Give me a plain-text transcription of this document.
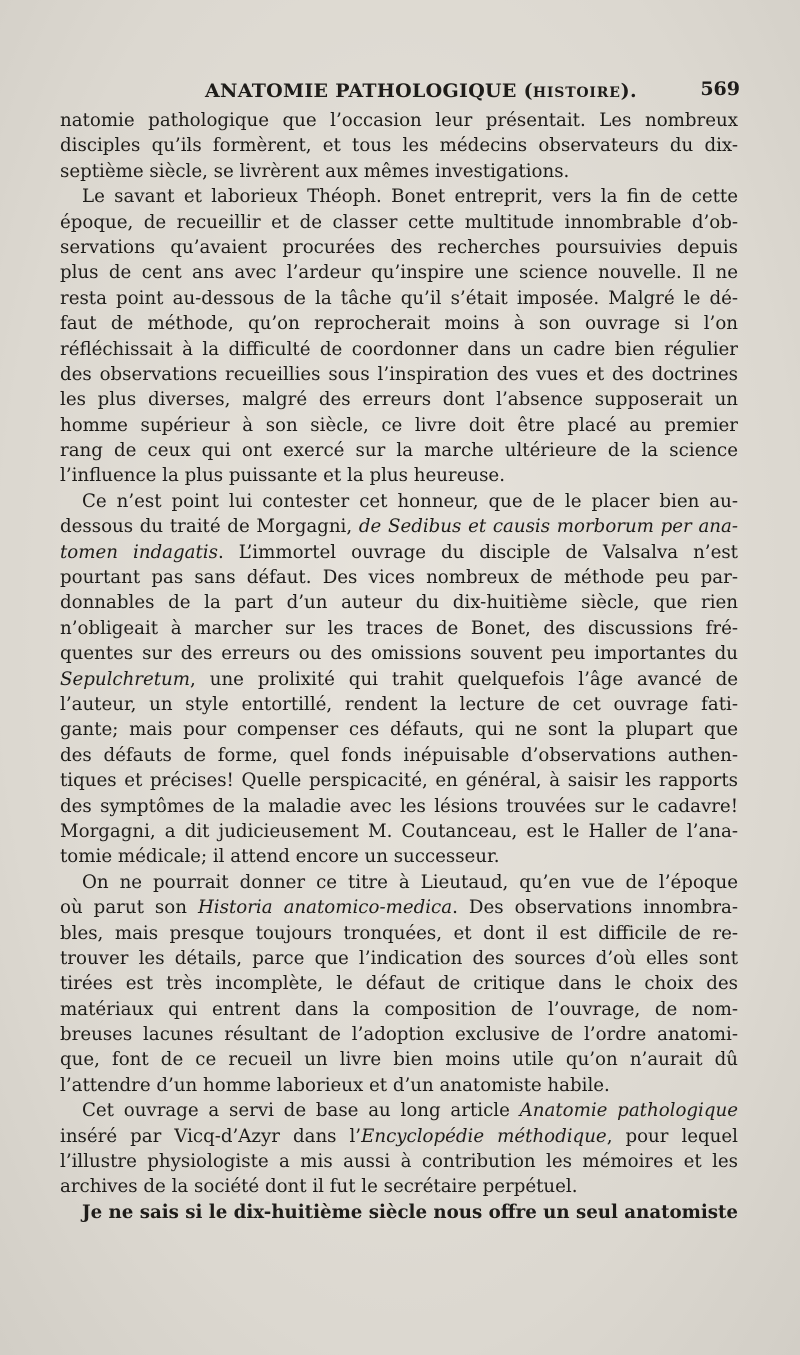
ANATOMIE PATHOLOGIQUE (HISTOIRE).	569
natomie pathologique que l’occasion leur présentait. Les nombreux
disciples qu’ils formèrent, et tous les médecins observateurs du dix-
septième siècle, se livrèrent aux mêmes investigations.
Le savant et laborieux Théoph. Bonet entreprit, vers la fin de cette
époque, de recueillir et de classer cette multitude innombrable d’ob-
servations qu’avaient procurées des recherches poursuivies depuis
plus de cent ans avec l’ardeur qu’inspire une science nouvelle. Il ne
resta point au-dessous de la tâche qu’il s’était imposée. Malgré le dé-
faut de méthode, qu’on reprocherait moins à son ouvrage si l’on
réfléchissait à la difficulté de coordonner dans un cadre bien régulier
des observations recueillies sous l’inspiration des vues et des doctrines
les plus diverses, malgré des erreurs dont l’absence supposerait un
homme supérieur à son siècle, ce livre doit être placé au premier
rang de ceux qui ont exercé sur la marche ultérieure de la science
l’influence la plus puissante et la plus heureuse.
Ce n’est point lui contester cet honneur, que de le placer bien au-
dessous du traité de Morgagni, de Sedibus et causis morborum per ana-
tomen indagatis. L’immortel ouvrage du disciple de Valsalva n’est
pourtant pas sans défaut. Des vices nombreux de méthode peu par-
donnables de la part d’un auteur du dix-huitième siècle, que rien
n’obligeait à marcher sur les traces de Bonet, des discussions fré-
quentes sur des erreurs ou des omissions souvent peu importantes du
Sepulchretum, une prolixité qui trahit quelquefois l’âge avancé de
l’auteur, un style entortillé, rendent la lecture de cet ouvrage fati-
gante; mais pour compenser ces défauts, qui ne sont la plupart que
des défauts de forme, quel fonds inépuisable d’observations authen-
tiques et précises! Quelle perspicacité, en général, à saisir les rapports
des symptômes de la maladie avec les lésions trouvées sur le cadavre!
Morgagni, a dit judicieusement M. Coutanceau, est le Haller de l’ana-
tomie médicale; il attend encore un successeur.
On ne pourrait donner ce titre à Lieutaud, qu’en vue de l’époque
où parut son Historia anatomico-medica. Des observations innombra-
bles, mais presque toujours tronquées, et dont il est difficile de re-
trouver les détails, parce que l’indication des sources d’où elles sont
tirées est très incomplète, le défaut de critique dans le choix des
matériaux qui entrent dans la composition de l’ouvrage, de nom-
breuses lacunes résultant de l’adoption exclusive de l’ordre anatomi-
que, font de ce recueil un livre bien moins utile qu’on n’aurait dû
l’attendre d’un homme laborieux et d’un anatomiste habile.
Cet ouvrage a servi de base au long article Anatomie pathologique
inséré par Vicq-d’Azyr dans l’Encyclopédie méthodique, pour lequel
l’illustre physiologiste a mis aussi à contribution les mémoires et les
archives de la société dont il fut le secrétaire perpétuel.
Je ne sais si le dix-huitième siècle nous offre un seul anatomiste
